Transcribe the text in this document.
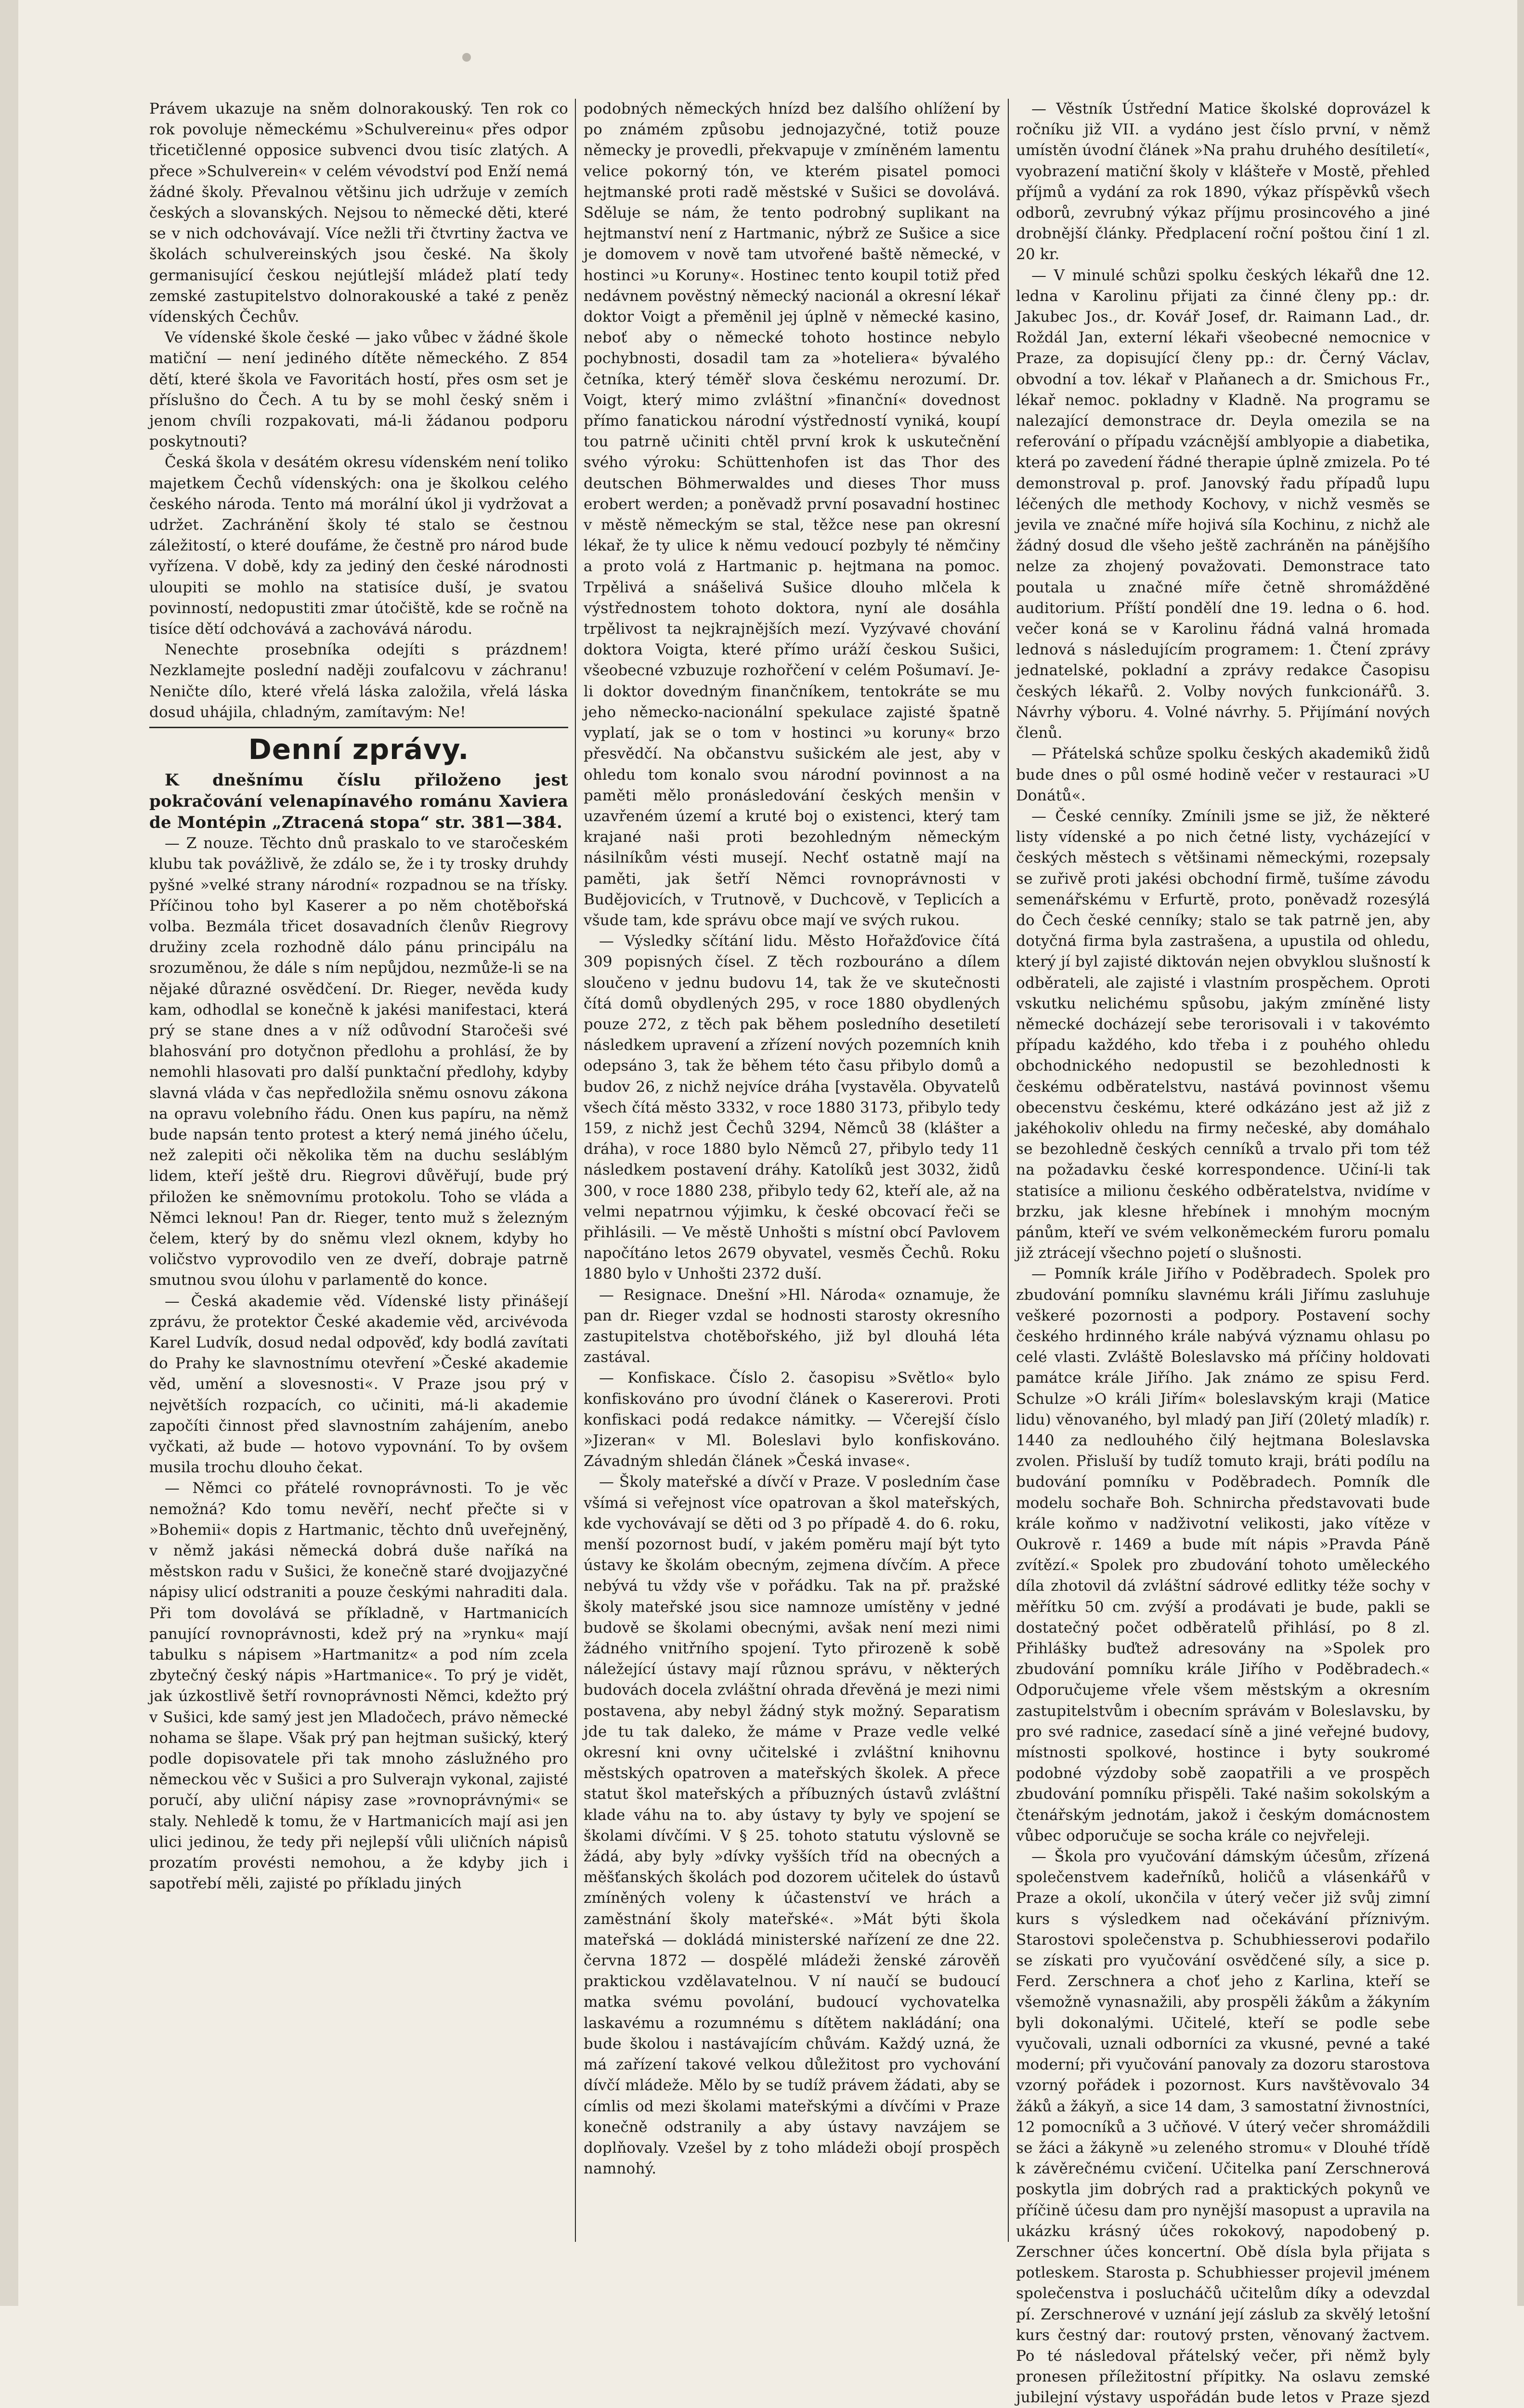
Právem ukazuje na sněm dolnorakouský. Ten rok co rok povoluje německému »Schulvereinu« přes odpor třicetičlenné opposice subvenci dvou tisíc zlatých. A přece »Schulverein« v celém vévodství pod Enží nemá žádné školy. Převalnou většinu jich udržuje v zemích českých a slovanských. Nejsou to německé děti, které se v nich odchovávají. Více nežli tři čtvrtiny žactva ve školách schulvereinských jsou české. Na školy germanisující českou nejútlejší mládež platí tedy zemské zastupitelstvo dolnorakouské a také z peněz vídenských Čechův.

Ve vídenské škole české — jako vůbec v žádné škole matiční — není jediného dítěte německého. Z 854 dětí, které škola ve Favoritách hostí, přes osm set je příslušno do Čech. A tu by se mohl český sněm i jenom chvíli rozpakovati, má-li žádanou podporu poskytnouti?

Česká škola v desátém okresu vídenském není toliko majetkem Čechů vídenských: ona je školkou celého českého národa. Tento má morální úkol ji vydržovat a udržet. Zachránění školy té stalo se čestnou záležitostí, o které doufáme, že čestně pro národ bude vyřízena. V době, kdy za jediný den české národnosti uloupiti se mohlo na statisíce duší, je svatou povinností, nedopustiti zmar útočiště, kde se ročně na tisíce dětí odchovává a zachovává národu.

Nenechte prosebníka odejíti s prázdnem! Nezklamejte poslední naději zoufalcovu v záchranu! Neničte dílo, které vřelá láska založila, vřelá láska dosud uhájila, chladným, zamítavým: Ne!

Denní zprávy.

K dnešnímu číslu přiloženo jest pokračování velenapínavého románu Xaviera de Montépin „Ztracená stopa“ str. 381—384.

— Z nouze. Těchto dnů praskalo to ve staročeském klubu tak povážlivě, že zdálo se, že i ty trosky druhdy pyšné »velké strany národní« rozpadnou se na třísky. Příčinou toho byl Kaserer a po něm chotěbořská volba. Bezmála třicet dosavadních členův Riegrovy družiny zcela rozhodně dálo pánu principálu na srozuměnou, že dále s ním nepůjdou, nezmůže-li se na nějaké důrazné osvědčení. Dr. Rieger, nevěda kudy kam, odhodlal se konečně k jakési manifestaci, která prý se stane dnes a v níž odůvodní Staročeši své blahosvání pro dotyčnon předlohu a prohlásí, že by nemohli hlasovati pro další punktační předlohy, kdyby slavná vláda v čas nepředložila sněmu osnovu zákona na opravu volebního řádu. Onen kus papíru, na němž bude napsán tento protest a který nemá jiného účelu, než zalepiti oči několika těm na duchu sesláblým lidem, kteří ještě dru. Riegrovi důvěřují, bude prý přiložen ke sněmovnímu protokolu. Toho se vláda a Němci leknou! Pan dr. Rieger, tento muž s železným čelem, který by do sněmu vlezl oknem, kdyby ho voličstvo vyprovodilo ven ze dveří, dobraje patrně smutnou svou úlohu v parlamentě do konce.

— Česká akademie věd. Vídenské listy přinášejí zprávu, že protektor České akademie věd, arcivévoda Karel Ludvík, dosud nedal odpověď, kdy bodlá zavítati do Prahy ke slavnostnímu otevření »České akademie věd, umění a slovesnosti«. V Praze jsou prý v největších rozpacích, co učiniti, má-li akademie započíti činnost před slavnostním zahájením, anebo vyčkati, až bude — hotovo vypovnání. To by ovšem musila trochu dlouho čekat.

— Němci co přátelé rovnoprávnosti. To je věc nemožná? Kdo tomu nevěří, nechť přečte si v »Bohemii« dopis z Hartmanic, těchto dnů uveřejněný, v němž jakási německá dobrá duše naříká na městskon radu v Sušici, že konečně staré dvojjazyčné nápisy ulicí odstraniti a pouze českými nahraditi dala. Při tom dovolává se příkladně, v Hartmanicích panující rovnoprávnosti, kdež prý na »rynku« mají tabulku s nápisem »Hartmanitz« a pod ním zcela zbytečný český nápis »Hartmanice«. To prý je vidět, jak úzkostlivě šetří rovnoprávnosti Němci, kdežto prý v Sušici, kde samý jest jen Mladočech, právo německé nohama se šlape. Však prý pan hejtman sušický, který podle dopisovatele při tak mnoho záslužného pro německou věc v Sušici a pro Sulverajn vykonal, zajisté poručí, aby uliční nápisy zase »rovnoprávnými« se staly. Nehledě k tomu, že v Hartmanicích mají asi jen ulici jedinou, že tedy při nejlepší vůli uličních nápisů prozatím provésti nemohou, a že kdyby jich i sapotřebí měli, zajisté po příkladu jiných

podobných německých hnízd bez dalšího ohlížení by po známém způsobu jednojazyčné, totiž pouze německy je provedli, překvapuje v zmíněném lamentu velice pokorný tón, ve kterém pisatel pomoci hejtmanské proti radě městské v Sušici se dovolává. Sděluje se nám, že tento podrobný suplikant na hejtmanství není z Hartmanic, nýbrž ze Sušice a sice je domovem v nově tam utvořené baště německé, v hostinci »u Koruny«. Hostinec tento koupil totiž před nedávnem pověstný německý nacionál a okresní lékař doktor Voigt a přeměnil jej úplně v německé kasino, neboť aby o německé tohoto hostince nebylo pochybnosti, dosadil tam za »hoteliera« bývalého četníka, který téměř slova českému nerozumí. Dr. Voigt, který mimo zvláštní »finanční« dovednost přímo fanatickou národní výstředností vyniká, koupí tou patrně učiniti chtěl první krok k uskutečnění svého výroku: Schüttenhofen ist das Thor des deutschen Böhmerwaldes und dieses Thor muss erobert werden; a poněvadž první posavadní hostinec v městě německým se stal, těžce nese pan okresní lékař, že ty ulice k němu vedoucí pozbyly té němčiny a proto volá z Hartmanic p. hejtmana na pomoc. Trpělivá a snášelivá Sušice dlouho mlčela k výstřednostem tohoto doktora, nyní ale dosáhla trpělivost ta nejkrajnějších mezí. Vyzývavé chování doktora Voigta, které přímo uráží českou Sušici, všeobecné vzbuzuje rozhořčení v celém Pošumaví. Je-li doktor dovedným finančníkem, tentokráte se mu jeho německo-nacionální spekulace zajisté špatně vyplatí, jak se o tom v hostinci »u koruny« brzo přesvědčí. Na občanstvu sušickém ale jest, aby v ohledu tom konalo svou národní povinnost a na paměti mělo pronásledování českých menšin v uzavřeném území a kruté boj o existenci, který tam krajané naši proti bezohledným německým násilníkům vésti musejí. Nechť ostatně mají na paměti, jak šetří Němci rovnoprávnosti v Budějovicích, v Trutnově, v Duchcově, v Teplicích a všude tam, kde správu obce mají ve svých rukou.

— Výsledky sčítání lidu. Město Hořažďovice čítá 309 popisných čísel. Z těch rozbouráno a dílem sloučeno v jednu budovu 14, tak že ve skutečnosti čítá domů obydlených 295, v roce 1880 obydlených pouze 272, z těch pak během posledního desetiletí následkem upravení a zřízení nových pozemních knih odepsáno 3, tak že během této času přibylo domů a budov 26, z nichž nejvíce dráha [vystavěla. Obyvatelů všech čítá město 3332, v roce 1880 3173, přibylo tedy 159, z nichž jest Čechů 3294, Němců 38 (klášter a dráha), v roce 1880 bylo Němců 27, přibylo tedy 11 následkem postavení dráhy. Katolíků jest 3032, židů 300, v roce 1880 238, přibylo tedy 62, kteří ale, až na velmi nepatrnou výjimku, k české obcovací řeči se přihlásili. — Ve městě Unhošti s místní obcí Pavlovem napočítáno letos 2679 obyvatel, vesměs Čechů. Roku 1880 bylo v Unhošti 2372 duší.

— Resignace. Dnešní »Hl. Národa« oznamuje, že pan dr. Rieger vzdal se hodnosti starosty okresního zastupitelstva chotěbořského, již byl dlouhá léta zastával.

— Konfiskace. Číslo 2. časopisu »Světlo« bylo konfiskováno pro úvodní článek o Kasererovi. Proti konfiskaci podá redakce námitky. — Včerejší číslo »Jizeran« v Ml. Boleslavi bylo konfiskováno. Závadným shledán článek »Česká invase«.

— Školy mateřské a dívčí v Praze. V posledním čase všímá si veřejnost více opatrovan a škol mateřských, kde vychovávají se děti od 3 po případě 4. do 6. roku, menší pozornost budí, v jakém poměru mají být tyto ústavy ke školám obecným, zejmena dívčím. A přece nebývá tu vždy vše v pořádku. Tak na př. pražské školy mateřské jsou sice namnoze umístěny v jedné budově se školami obecnými, avšak není mezi nimi žádného vnitřního spojení. Tyto přirozeně k sobě náležející ústavy mají různou správu, v některých budovách docela zvláštní ohrada dřevěná je mezi nimi postavena, aby nebyl žádný styk možný. Separatism jde tu tak daleko, že máme v Praze vedle velké okresní kni ovny učitelské i zvláštní knihovnu městských opatroven a mateřských školek. A přece statut škol mateřských a příbuzných ústavů zvláštní klade váhu na to. aby ústavy ty byly ve spojení se školami dívčími. V § 25. tohoto statutu výslovně se žádá, aby byly »dívky vyšších tříd na obecných a měšťanských školách pod dozorem učitelek do ústavů zmíněných voleny k účastenství ve hrách a zaměstnání školy mateřské«. »Mát býti škola mateřská — dokládá ministerské nařízení ze dne 22. června 1872 — dospělé mládeži ženské zárověň praktickou vzdělavatelnou. V ní naučí se budoucí matka svému povolání, budoucí vychovatelka laskavému a rozumnému s dítětem nakládání; ona bude školou i nastávajícím chůvám. Každý uzná, že má zařízení takové velkou důležitost pro vychování dívčí mládeže. Mělo by se tudíž právem žádati, aby se címlis od mezi školami mateřskými a dívčími v Praze konečně odstranily a aby ústavy navzájem se doplňovaly. Vzešel by z toho mládeži obojí prospěch namnohý.

— Věstník Ústřední Matice školské doprovázel k ročníku již VII. a vydáno jest číslo první, v němž umístěn úvodní článek »Na prahu druhého desítiletí«, vyobrazení matiční školy v klášteře v Mostě, přehled příjmů a vydání za rok 1890, výkaz příspěvků všech odborů, zevrubný výkaz příjmu prosincového a jiné drobnější články. Předplacení roční poštou činí 1 zl. 20 kr.

— V minulé schůzi spolku českých lékařů dne 12. ledna v Karolinu přijati za činné členy pp.: dr. Jakubec Jos., dr. Kovář Josef, dr. Raimann Lad., dr. Roždál Jan, externí lékaři všeobecné nemocnice v Praze, za dopisující členy pp.: dr. Černý Václav, obvodní a tov. lékař v Plaňanech a dr. Smichous Fr., lékař nemoc. pokladny v Kladně. Na programu se nalezající demonstrace dr. Deyla omezila se na referování o případu vzácnější amblyopie a diabetika, která po zavedení řádné therapie úplně zmizela. Po té demonstroval p. prof. Janovský řadu případů lupu léčených dle methody Kochovy, v nichž vesměs se jevila ve značné míře hojivá síla Kochinu, z nichž ale žádný dosud dle všeho ještě zachráněn na pánějšího nelze za zhojený považovati. Demonstrace tato poutala u značné míře četně shromážděné auditorium. Příští pondělí dne 19. ledna o 6. hod. večer koná se v Karolinu řádná valná hromada lednová s následujícím programem: 1. Čtení zprávy jednatelské, pokladní a zprávy redakce Časopisu českých lékařů. 2. Volby nových funkcionářů. 3. Návrhy výboru. 4. Volné návrhy. 5. Přijímání nových členů.

— Přátelská schůze spolku českých akademiků židů bude dnes o půl osmé hodině večer v restauraci »U Donátů«.

— České cenníky. Zmínili jsme se již, že některé listy vídenské a po nich četné listy, vycházející v českých městech s většinami německými, rozepsaly se zuřivě proti jakési obchodní firmě, tušíme závodu semenářskému v Erfurtě, proto, poněvadž rozesýlá do Čech české cenníky; stalo se tak patrně jen, aby dotyčná firma byla zastrašena, a upustila od ohledu, který jí byl zajisté diktován nejen obvyklou slušností k odběrateli, ale zajisté i vlastním prospěchem. Oproti vskutku nelichému spůsobu, jakým zmíněné listy německé docházejí sebe terorisovali i v takovémto případu každého, kdo třeba i z pouhého ohledu obchodnického nedopustil se bezohlednosti k českému odběratelstvu, nastává povinnost všemu obecenstvu českému, které odkázáno jest až již z jakéhokoliv ohledu na firmy nečeské, aby domáhalo se bezohledně českých cenníků a trvalo při tom též na požadavku české korrespondence. Učiní-li tak statisíce a milionu českého odběratelstva, nvidíme v brzku, jak klesne hřebínek i mnohým mocným pánům, kteří ve svém velkoněmeckém furoru pomalu již ztrácejí všechno pojetí o slušnosti.

— Pomník krále Jiřího v Poděbradech. Spolek pro zbudování pomníku slavnému králi Jiřímu zasluhuje veškeré pozornosti a podpory. Postavení sochy českého hrdinného krále nabývá významu ohlasu po celé vlasti. Zvláště Boleslavsko má příčiny holdovati památce krále Jiřího. Jak známo ze spisu Ferd. Schulze »O králi Jiřím« boleslavským kraji (Matice lidu) věnovaného, byl mladý pan Jiří (20letý mladík) r. 1440 za nedlouhého čilý hejtmana Boleslavska zvolen. Přisluší by tudíž tomuto kraji, bráti podílu na budování pomníku v Poděbradech. Pomník dle modelu sochaře Boh. Schnircha představovati bude krále koňmo v nadživotní velikosti, jako vítěze v Oukrově r. 1469 a bude mít nápis »Pravda Páně zvítězí.« Spolek pro zbudování tohoto uměleckého díla zhotovil dá zvláštní sádrové edlitky téže sochy v měřítku 50 cm. zvýší a prodávati je bude, pakli se dostatečný počet odběratelů přihlásí, po 8 zl. Přihlášky buďtež adresovány na »Spolek pro zbudování pomníku krále Jiřího v Poděbradech.« Odporučujeme vřele všem městským a okresním zastupitelstvům i obecním správám v Boleslavsku, by pro své radnice, zasedací síně a jiné veřejné budovy, místnosti spolkové, hostince i byty soukromé podobné výzdoby sobě zaopatřili a ve prospěch zbudování pomníku přispěli. Také našim sokolským a čtenářským jednotám, jakož i českým domácnostem vůbec odporučuje se socha krále co nejvřeleji.

— Škola pro vyučování dámským účesům, zřízená společenstvem kadeřníků, holičů a vlásenkářů v Praze a okolí, ukončila v úterý večer již svůj zimní kurs s výsledkem nad očekávání příznivým. Starostovi společenstva p. Schubhiesserovi podařilo se získati pro vyučování osvědčené síly, a sice p. Ferd. Zerschnera a choť jeho z Karlina, kteří se všemožně vynasnažili, aby prospěli žákům a žákyním byli dokonalými. Učitelé, kteří se podle sebe vyučovali, uznali odborníci za vkusné, pevné a také moderní; při vyučování panovaly za dozoru starostova vzorný pořádek i pozornost. Kurs navštěvovalo 34 žáků a žákyň, a sice 14 dam, 3 samostatní živnostníci, 12 pomocníků a 3 učňové. V úterý večer shromáždili se žáci a žákyně »u zeleného stromu« v Dlouhé třídě k závěrečnému cvičení. Učitelka paní Zerschnerová poskytla jim dobrých rad a praktických pokynů ve příčině účesu dam pro nynější masopust a upravila na ukázku krásný účes rokokový, napodobený p. Zerschner účes koncertní. Obě dísla byla přijata s potleskem. Starosta p. Schubhiesser projevil jménem společenstva i poslucháčů učitelům díky a odevzdal pí. Zerschnerové v uznání její záslub za skvělý letošní kurs čestný dar: routový prsten, věnovaný žactvem. Po té následoval přátelský večer, při němž byly pronesen příležitostní přípitky. Na oslavu zemské jubilejní výstavy uspořádán bude letos v Praze sjezd
